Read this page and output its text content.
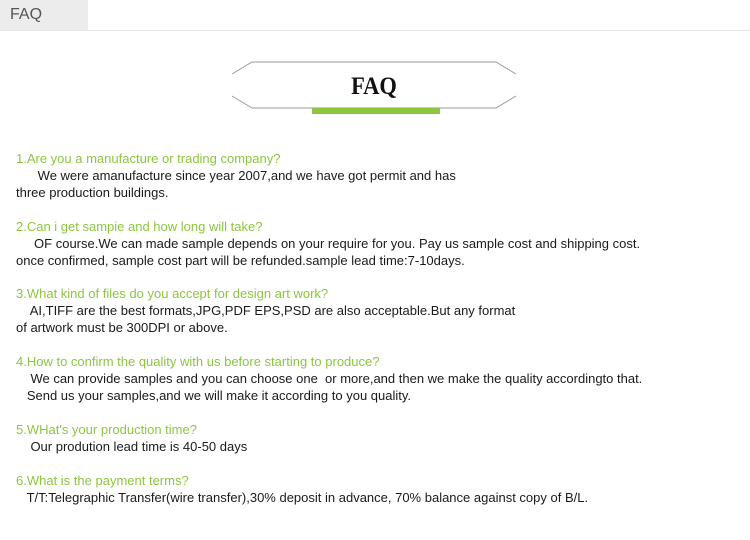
FAQ
FAQ

1.Are you a manufacture or trading company?

We were amanufacture since year 2007,and we have got permit and has

three production buildings.

2.Can i get sampie and how long will take?

OF course.We can made sample depends on your require for you. Pay us sample cost and shipping cost.

once confirmed, sample cost part will be refunded.sample lead time:7-10days.

3.What kind of files do you accept for design art work?

AI,TIFF are the best formats,JPG,PDF EPS,PSD are also acceptable.But any format

of artwork must be 300DPI or above.

4.How to confirm the quality with us before starting to produce?

We can provide samples and you can choose one  or more,and then we make the quality accordingto that.

Send us your samples,and we will make it according to you quality.

5.WHat's your production time?

Our prodution lead time is 40-50 days

6.What is the payment terms?

T/T:Telegraphic Transfer(wire transfer),30% deposit in advance, 70% balance against copy of B/L.
